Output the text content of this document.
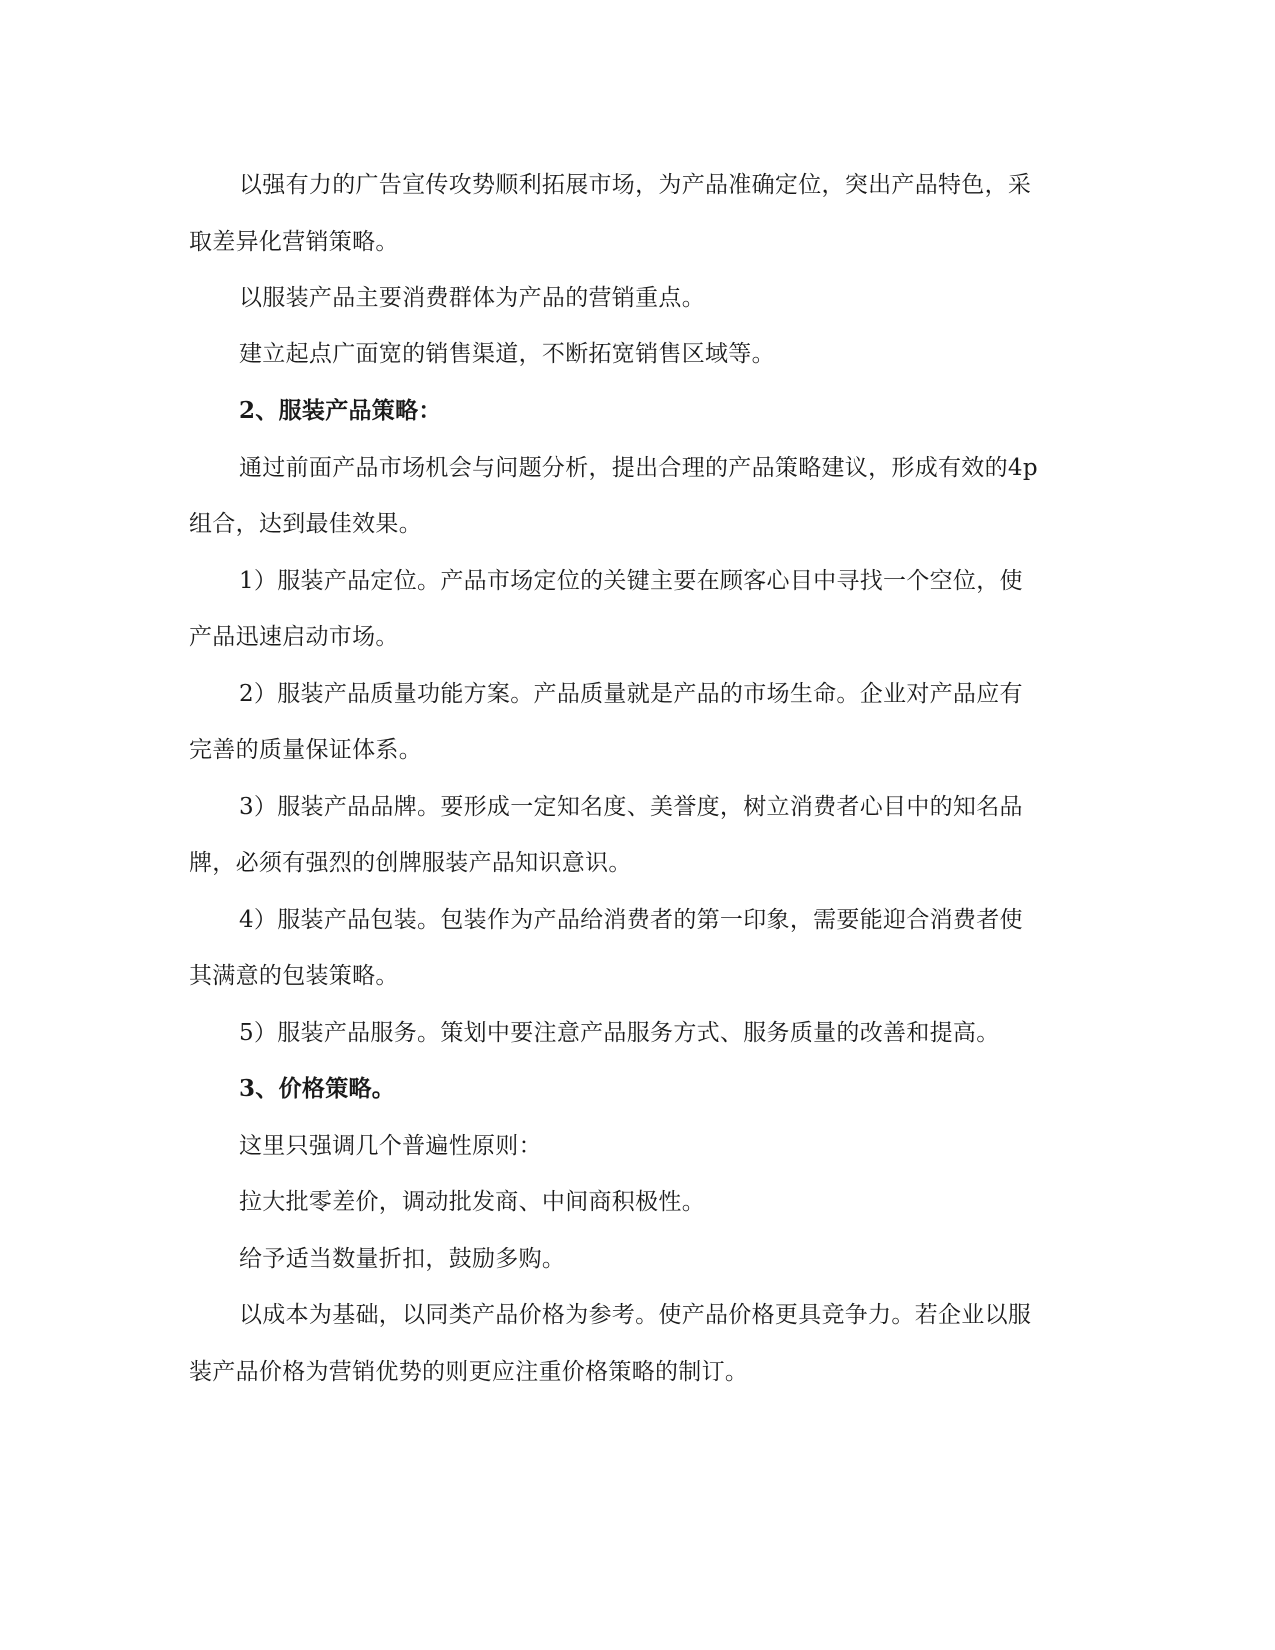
以强有力的广告宣传攻势顺利拓展市场，为产品准确定位，突出产品特色，采
取差异化营销策略。
以服装产品主要消费群体为产品的营销重点。
建立起点广面宽的销售渠道，不断拓宽销售区域等。
2、服装产品策略：
通过前面产品市场机会与问题分析，提出合理的产品策略建议，形成有效的4p
组合，达到最佳效果。
1）服装产品定位。产品市场定位的关键主要在顾客心目中寻找一个空位，使
产品迅速启动市场。
2）服装产品质量功能方案。产品质量就是产品的市场生命。企业对产品应有
完善的质量保证体系。
3）服装产品品牌。要形成一定知名度、美誉度，树立消费者心目中的知名品
牌，必须有强烈的创牌服装产品知识意识。
4）服装产品包装。包装作为产品给消费者的第一印象，需要能迎合消费者使
其满意的包装策略。
5）服装产品服务。策划中要注意产品服务方式、服务质量的改善和提高。
3、价格策略。
这里只强调几个普遍性原则：
拉大批零差价，调动批发商、中间商积极性。
给予适当数量折扣，鼓励多购。
以成本为基础，以同类产品价格为参考。使产品价格更具竞争力。若企业以服
装产品价格为营销优势的则更应注重价格策略的制订。
